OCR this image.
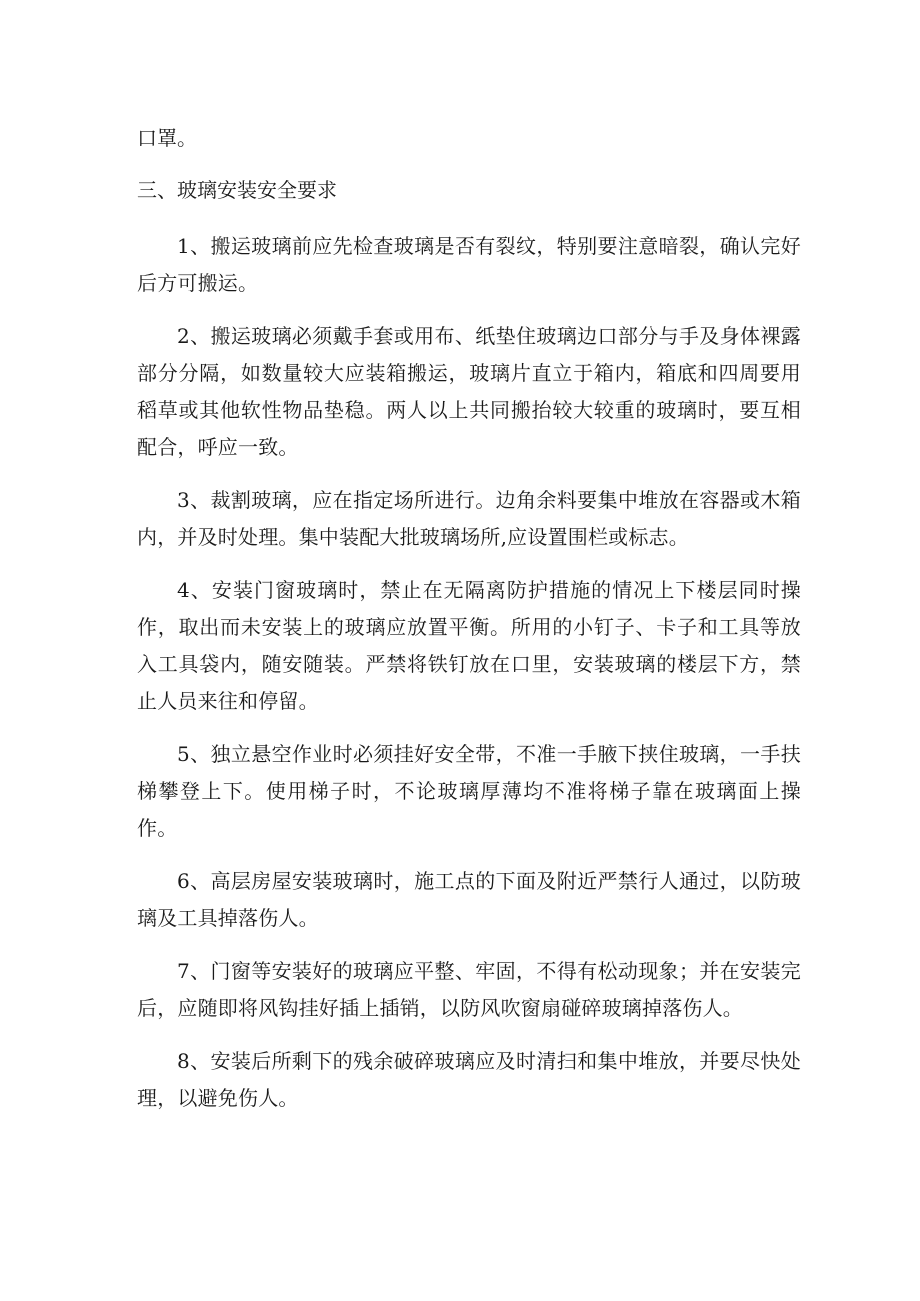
口罩。

三、玻璃安装安全要求

1、搬运玻璃前应先检查玻璃是否有裂纹，特别要注意暗裂，确认完好后方可搬运。

2、搬运玻璃必须戴手套或用布、纸垫住玻璃边口部分与手及身体裸露部分分隔，如数量较大应装箱搬运，玻璃片直立于箱内，箱底和四周要用稻草或其他软性物品垫稳。两人以上共同搬抬较大较重的玻璃时，要互相配合，呼应一致。

3、裁割玻璃，应在指定场所进行。边角余料要集中堆放在容器或木箱内，并及时处理。集中装配大批玻璃场所,应设置围栏或标志。

4、安装门窗玻璃时，禁止在无隔离防护措施的情况上下楼层同时操作，取出而未安装上的玻璃应放置平衡。所用的小钉子、卡子和工具等放入工具袋内，随安随装。严禁将铁钉放在口里，安装玻璃的楼层下方，禁止人员来往和停留。

5、独立悬空作业时必须挂好安全带，不准一手腋下挟住玻璃，一手扶梯攀登上下。使用梯子时，不论玻璃厚薄均不准将梯子靠在玻璃面上操作。

6、高层房屋安装玻璃时，施工点的下面及附近严禁行人通过，以防玻璃及工具掉落伤人。

7、门窗等安装好的玻璃应平整、牢固，不得有松动现象；并在安装完后，应随即将风钩挂好插上插销，以防风吹窗扇碰碎玻璃掉落伤人。

8、安装后所剩下的残余破碎玻璃应及时清扫和集中堆放，并要尽快处理，以避免伤人。
